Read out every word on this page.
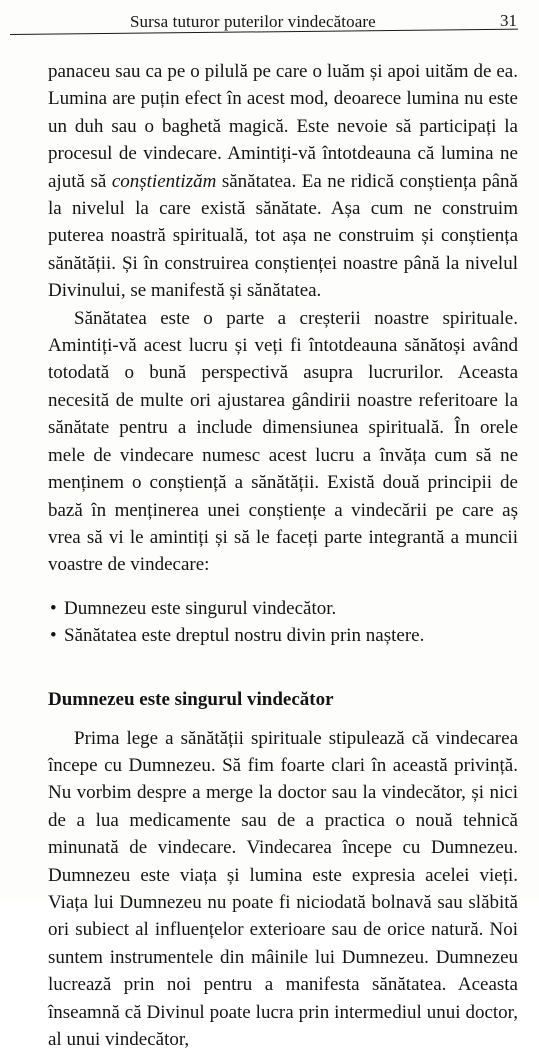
Sursa tuturor puterilor vindecătoare	31

panaceu sau ca pe o pilulă pe care o luăm și apoi uităm de ea. Lumina are puțin efect în acest mod, deoarece lumina nu este un duh sau o baghetă magică. Este nevoie să participați la procesul de vindecare. Amintiți-vă întotdeauna că lumina ne ajută să conștientizăm sănătatea. Ea ne ridică conștiența până la nivelul la care există sănătate. Așa cum ne construim puterea noastră spirituală, tot așa ne construim și conștiența sănătății. Și în construirea conștienței noastre până la nivelul Divinului, se manifestă și sănătatea.

Sănătatea este o parte a creșterii noastre spirituale. Amintiți-vă acest lucru și veți fi întotdeauna sănătoși având totodată o bună perspectivă asupra lucrurilor. Aceasta necesită de multe ori ajustarea gândirii noastre referitoare la sănătate pentru a include dimensiunea spirituală. În orele mele de vindecare numesc acest lucru a învăța cum să ne menținem o conștiență a sănătății. Există două principii de bază în menținerea unei conștiențe a vindecării pe care aș vrea să vi le amintiți și să le faceți parte integrantă a muncii voastre de vindecare:

• Dumnezeu este singurul vindecător.
• Sănătatea este dreptul nostru divin prin naștere.
Dumnezeu este singurul vindecător

Prima lege a sănătății spirituale stipulează că vindecarea începe cu Dumnezeu. Să fim foarte clari în această privință. Nu vorbim despre a merge la doctor sau la vindecător, și nici de a lua medicamente sau de a practica o nouă tehnică minunată de vindecare. Vindecarea începe cu Dumnezeu. Dumnezeu este viața și lumina este expresia acelei vieți. Viața lui Dumnezeu nu poate fi niciodată bolnavă sau slăbită ori subiect al influențelor exterioare sau de orice natură. Noi suntem instrumentele din mâinile lui Dumnezeu. Dumnezeu lucrează prin noi pentru a manifesta sănătatea. Aceasta înseamnă că Divinul poate lucra prin intermediul unui doctor, al unui vindecător,
